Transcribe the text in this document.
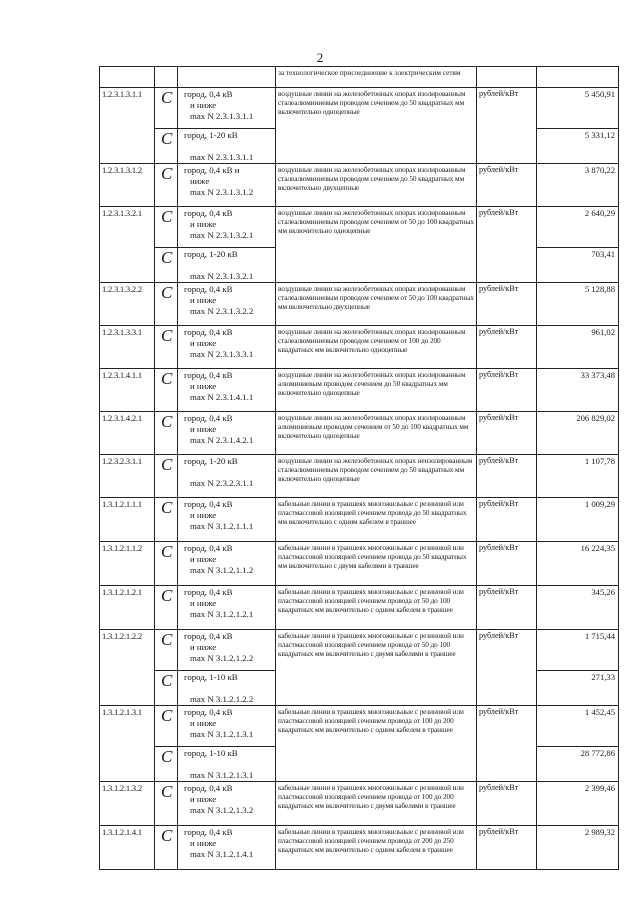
2
			за технологическое присоединение к электрическим сетям		
1.2.3.1.3.1.1	С	город, 0,4 кВ
и ниже
max N 2.3.1.3.1.1	воздушные линии на железобетонных опорах изолированным сталеалюминиевым проводом сечением до 50 квадратных мм включительно одноцепные	рублей/кВт	5 450,91
	С	город, 1-20 кВ

max N 2.3.1.3.1.1			5 331,12
1.2.3.1.3.1.2	С	город, 0,4 кВ и
ниже
max N 2.3.1.3.1.2	воздушные линии на железобетонных опорах изолированным сталеалюминиевым проводом сечением до 50 квадратных мм включительно двухцепные	рублей/кВт	3 870,22
1.2.3.1.3.2.1	С	город, 0,4 кВ
и ниже
max N 2.3.1.3.2.1	воздушные линии на железобетонных опорах изолированным сталеалюминиевым проводом сечением от 50 до 100 квадратных мм включительно одноцепные	рублей/кВт	2 640,29
	С	город, 1-20 кВ

max N 2.3.1.3.2.1			703,41
1.2.3.1.3.2.2	С	город, 0,4 кВ
и ниже
max N 2.3.1.3.2.2	воздушные линии на железобетонных опорах изолированным сталеалюминиевым проводом сечением от 50 до 100 квадратных мм включительно двухцепные	рублей/кВт	5 128,88
1.2.3.1.3.3.1	С	город, 0,4 кВ
и ниже
max N 2.3.1.3.3.1	воздушные линии на железобетонных опорах изолированным сталеалюминиевым проводом сечением от 100 до 200 квадратных мм включительно одноцепные	рублей/кВт	961,02
1.2.3.1.4.1.1	С	город, 0,4 кВ
и ниже
max N 2.3.1.4.1.1	воздушные линии на железобетонных опорах изолированным алюминиевым проводом сечением до 50 квадратных мм включительно одноцепные	рублей/кВт	33 373,48
1.2.3.1.4.2.1	С	город, 0,4 кВ
и ниже
max N 2.3.1.4.2.1	воздушные линии на железобетонных опорах изолированным алюминиевым проводом сечением от 50 до 100 квадратных мм включительно одноцепные	рублей/кВт	206 829,02
1.2.3.2.3.1.1	С	город, 1-20 кВ

max N 2.3.2.3.1.1	воздушные линии на железобетонных опорах неизолированным сталеалюминиевым проводом сечением до 50 квадратных мм включительно одноцепные	рублей/кВт	1 107,78
1.3.1.2.1.1.1	С	город, 0,4 кВ
и ниже
max N 3.1.2.1.1.1	кабельные линии в траншеях многожильные с резиновой или пластмассовой изоляцией сечением провода до 50 квадратных мм включительно с одним кабелем в траншее	рублей/кВт	1 009,29
1.3.1.2.1.1.2	С	город, 0,4 кВ
и ниже
max N 3.1.2.1.1.2	кабельные линии в траншеях многожильные с резиновой или пластмассовой изоляцией сечением провода до 50 квадратных мм включительно с двумя кабелями в траншее	рублей/кВт	16 224,35
1.3.1.2.1.2.1	С	город, 0,4 кВ
и ниже
max N 3.1.2.1.2.1	кабельные линии в траншеях многожильные с резиновой или пластмассовой изоляцией сечением провода от 50 до 100 квадратных мм включительно с одним кабелем в траншее	рублей/кВт	345,26
1.3.1.2.1.2.2	С	город, 0,4 кВ
и ниже
max N 3.1.2.1.2.2	кабельные линии в траншеях многожильные с резиновой или пластмассовой изоляцией сечением провода от 50 до 100 квадратных мм включительно с двумя кабелями в траншее	рублей/кВт	1 715,44
	С	город, 1-10 кВ

max N 3.1.2.1.2.2			271,33
1.3.1.2.1.3.1	С	город, 0,4 кВ
и ниже
max N 3.1.2.1.3.1	кабельные линии в траншеях многожильные с резиновой или пластмассовой изоляцией сечением провода от 100 до 200 квадратных мм включительно с одним кабелем в траншее	рублей/кВт	1 452,45
	С	город, 1-10 кВ

max N 3.1.2.1.3.1			28 772,86
1.3.1.2.1.3.2	С	город, 0,4 кВ
и ниже
max N 3.1.2.1.3.2	кабельные линии в траншеях многожильные с резиновой или пластмассовой изоляцией сечением провода от 100 до 200 квадратных мм включительно с двумя кабелями в траншее	рублей/кВт	2 399,46
1.3.1.2.1.4.1	С	город, 0,4 кВ
и ниже
max N 3.1.2.1.4.1	кабельные линии в траншеях многожильные с резиновой или пластмассовой изоляцией сечением провода от 200 до 250 квадратных мм включительно с одним кабелем в траншее	рублей/кВт	2 989,32
